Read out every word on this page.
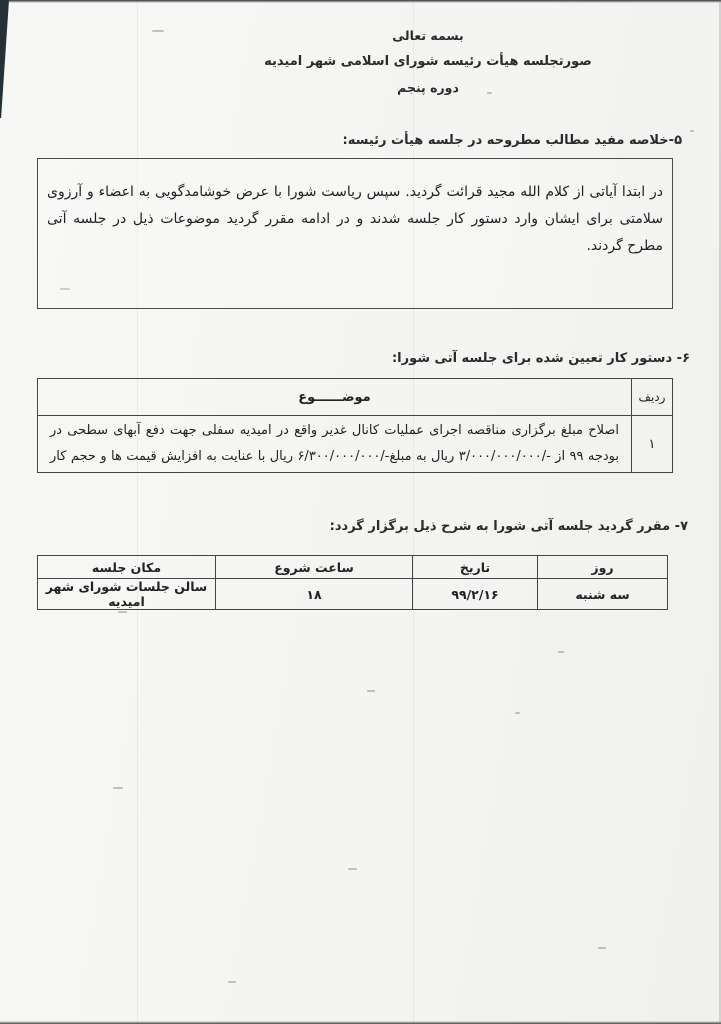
بسمه تعالی
صورتجلسه هیأت رئیسه شورای اسلامی شهر امیدیه
دوره پنجم
۵-خلاصه مفید مطالب مطروحه در جلسه هیأت رئیسه:

در ابتدا آیاتی از کلام الله مجید قرائت گردید. سپس ریاست شورا با عرض خوشامدگویی به اعضاء و آرزوی سلامتی برای ایشان وارد دستور کار جلسه شدند و در ادامه مقرر گردید موضوعات ذیل در جلسه آتی مطرح گردند.

۶- دستور کار تعیین شده برای جلسه آتی شورا:
ردیف	موضــــــوع
۱	اصلاح مبلغ برگزاری مناقصه اجرای عملیات کانال غدیر واقع در امیدیه سفلی جهت دفع آبهای سطحی در بودجه ۹۹ از -/۳/۰۰۰/۰۰۰/۰۰۰ ریال به مبلغ-/۶/۳۰۰/۰۰۰/۰۰۰ ریال با عنایت به افزایش قیمت ها و حجم کار
۷- مقرر گردید جلسه آتی شورا به شرح ذیل برگزار گردد:
روز	تاریخ	ساعت شروع	مکان جلسه
سه شنبه	۹۹/۲/۱۶	۱۸	سالن جلسات شورای شهر امیدیه
